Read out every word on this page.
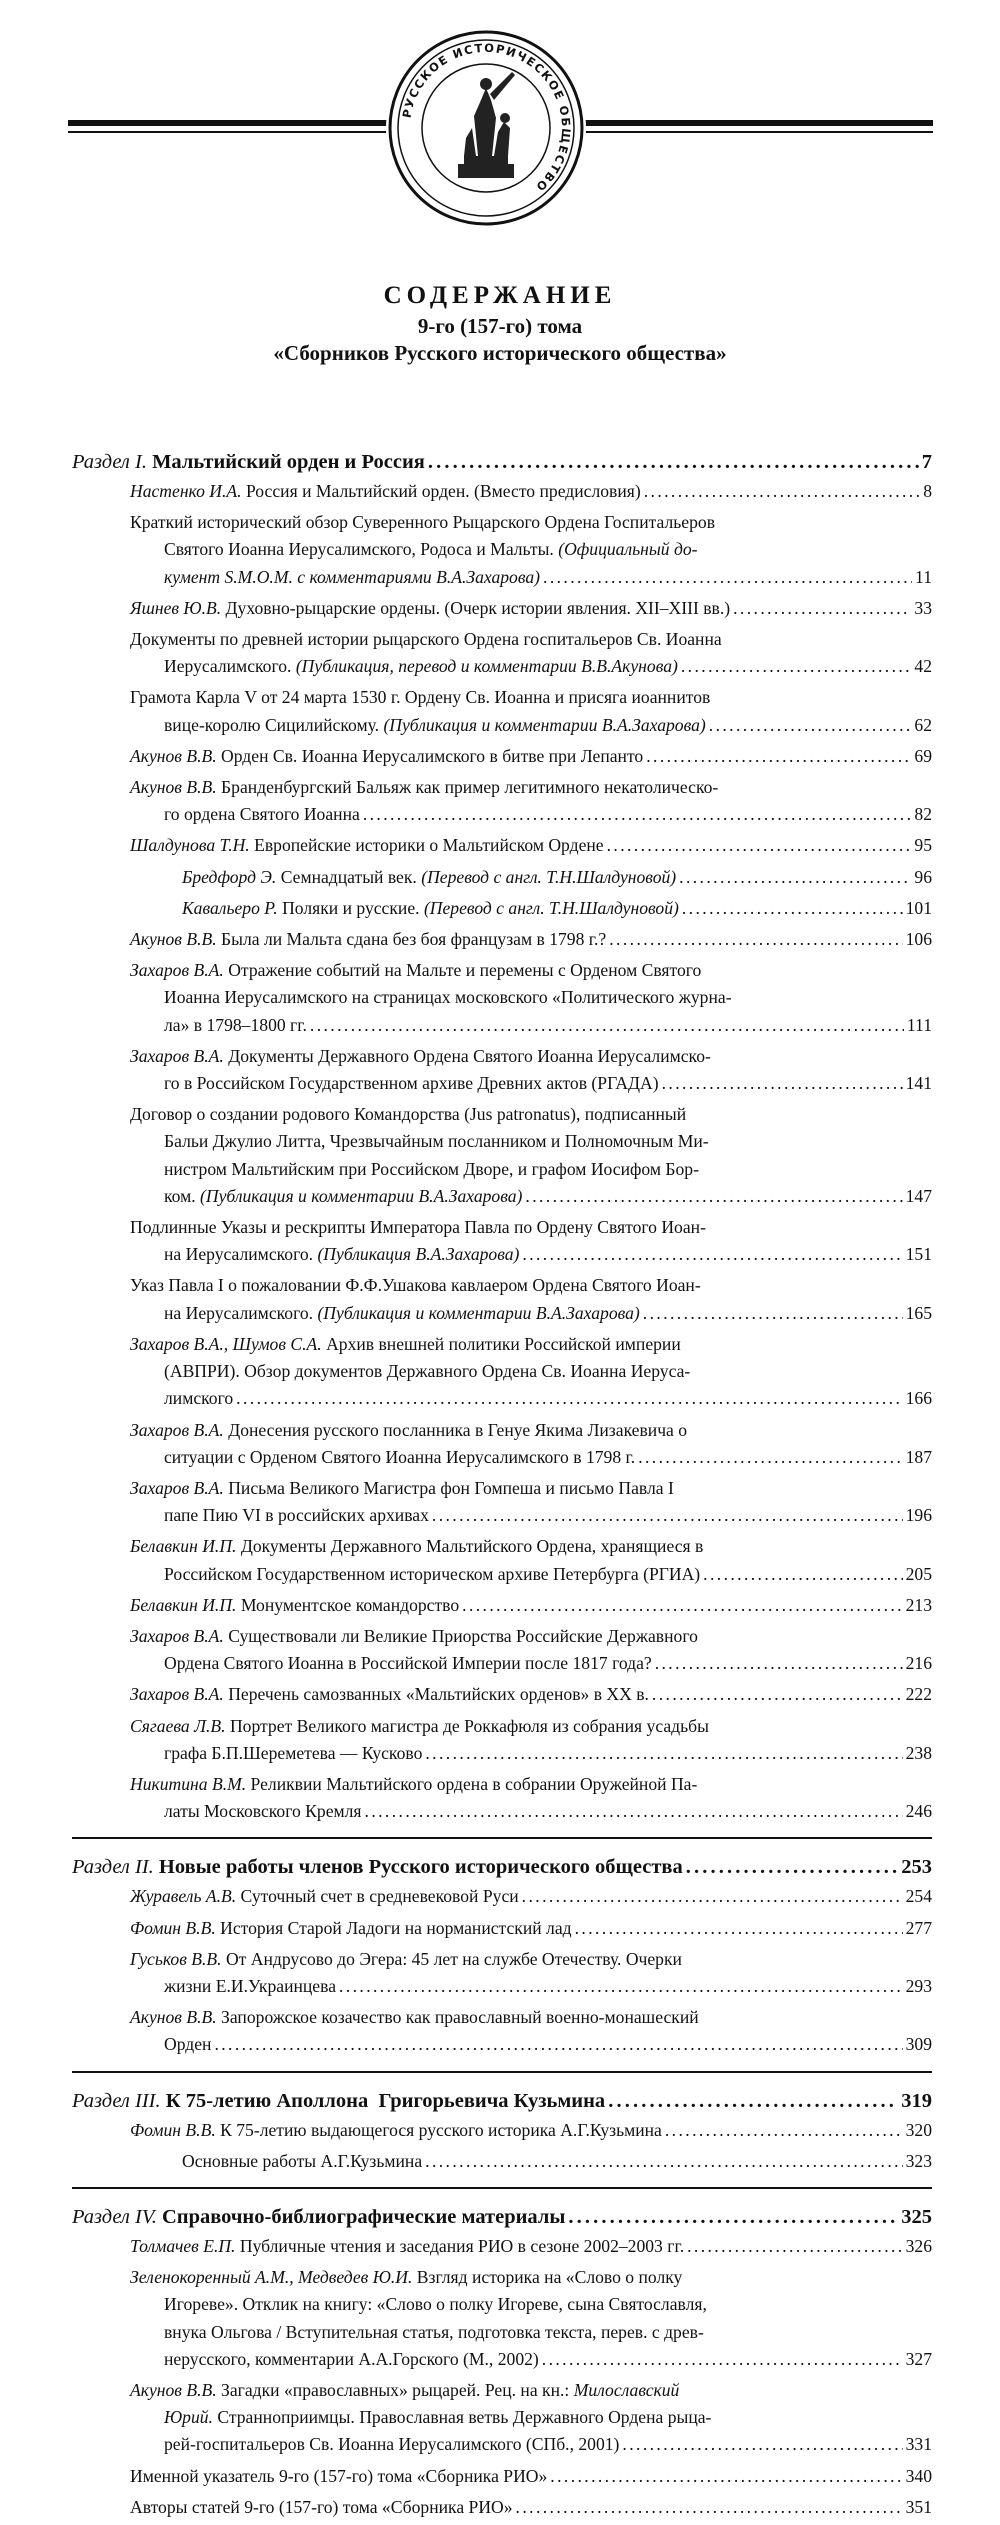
РУССКОЕ ИСТОРИЧЕСКОЕ ОБЩЕСТВО
СОДЕРЖАНИЕ
9-го (157-го) тома
«Сборников Русского исторического общества»
Раздел I. Мальтийский орден и Россия . . .	7
Настенко И.А. Россия и Мальтийский орден. (Вместо предисловия) . . .	8
Краткий исторический обзор Суверенного Рыцарского Ордена Госпитальеров
Святого Иоанна Иерусалимского, Родоса и Мальты. (Официальный до-
кумент S.M.O.M. с комментариями В.А.Захарова) . . .	11
Яшнев Ю.В. Духовно-рыцарские ордены. (Очерк истории явления. XII–XIII вв.) . . .	33
Документы по древней истории рыцарского Ордена госпитальеров Св. Иоанна
Иерусалимского. (Публикация, перевод и комментарии В.В.Акунова) . . .	42
Грамота Карла V от 24 марта 1530 г. Ордену Св. Иоанна и присяга иоаннитов
вице-королю Сицилийскому. (Публикация и комментарии В.А.Захарова) . . .	62
Акунов В.В. Орден Св. Иоанна Иерусалимского в битве при Лепанто . . .	69
Акунов В.В. Бранденбургский Бальяж как пример легитимного некатолическо-
го ордена Святого Иоанна . . .	82
Шалдунова Т.Н. Европейские историки о Мальтийском Ордене . . .	95
Бредфорд Э. Семнадцатый век. (Перевод с англ. Т.Н.Шалдуновой) . . .	96
Кавальеро Р. Поляки и русские. (Перевод с англ. Т.Н.Шалдуновой) . . .	101
Акунов В.В. Была ли Мальта сдана без боя французам в 1798 г.? . . .	106
Захаров В.А. Отражение событий на Мальте и перемены с Орденом Святого
Иоанна Иерусалимского на страницах московского «Политического журна-
ла» в 1798–1800 гг. . . .	111
Захаров В.А. Документы Державного Ордена Святого Иоанна Иерусалимско-
го в Российском Государственном архиве Древних актов (РГАДА) . . .	141
Договор о создании родового Командорства (Jus patronatus), подписанный
Бальи Джулио Литта, Чрезвычайным посланником и Полномочным Ми-
нистром Мальтийским при Российском Дворе, и графом Иосифом Бор-
ком. (Публикация и комментарии В.А.Захарова) . . .	147
Подлинные Указы и рескрипты Императора Павла по Ордену Святого Иоан-
на Иерусалимского. (Публикация В.А.Захарова) . . .	151
Указ Павла I о пожаловании Ф.Ф.Ушакова кавлаером Ордена Святого Иоан-
на Иерусалимского. (Публикация и комментарии В.А.Захарова) . . .	165
Захаров В.А., Шумов С.А. Архив внешней политики Российской империи
(АВПРИ). Обзор документов Державного Ордена Св. Иоанна Иеруса-
лимского . . .	166
Захаров В.А. Донесения русского посланника в Генуе Якима Лизакевича о
ситуации с Орденом Святого Иоанна Иерусалимского в 1798 г. . . .	187
Захаров В.А. Письма Великого Магистра фон Гомпеша и письмо Павла I
папе Пию VI в российских архивах . . .	196
Белавкин И.П. Документы Державного Мальтийского Ордена, хранящиеся в
Российском Государственном историческом архиве Петербурга (РГИА) . . .	205
Белавкин И.П. Монументское командорство . . .	213
Захаров В.А. Существовали ли Великие Приорства Российские Державного
Ордена Святого Иоанна в Российской Империи после 1817 года? . . .	216
Захаров В.А. Перечень самозванных «Мальтийских орденов» в XX в. . . .	222
Сягаева Л.В. Портрет Великого магистра де Роккафюля из собрания усадьбы
графа Б.П.Шереметева — Кусково . . .	238
Никитина В.М. Реликвии Мальтийского ордена в собрании Оружейной Па-
латы Московского Кремля . . .	246
Раздел II. Новые работы членов Русского исторического общества . . .	253
Журавель А.В. Суточный счет в средневековой Руси . . .	254
Фомин В.В. История Старой Ладоги на норманистский лад . . .	277
Гуськов В.В. От Андрусово до Эгера: 45 лет на службе Отечеству. Очерки
жизни Е.И.Украинцева . . .	293
Акунов В.В. Запорожское козачество как православный военно-монашеский
Орден . . .	309
Раздел III. К 75-летию Аполлона  Григорьевича Кузьмина . . .	319
Фомин В.В. К 75-летию выдающегося русского историка А.Г.Кузьмина . . .	320
Основные работы А.Г.Кузьмина . . .	323
Раздел IV. Справочно-библиографические материалы . . .	325
Толмачев Е.П. Публичные чтения и заседания РИО в сезоне 2002–2003 гг. . . .	326
Зеленокоренный А.М., Медведев Ю.И. Взгляд историка на «Слово о полку
Игореве». Отклик на книгу: «Слово о полку Игореве, сына Святославля,
внука Ольгова / Вступительная статья, подготовка текста, перев. с древ-
нерусского, комментарии А.А.Горского (М., 2002) . . .	327
Акунов В.В. Загадки «православных» рыцарей. Рец. на кн.: Милославский
Юрий. Странноприимцы. Православная ветвь Державного Ордена рыца-
рей-госпитальеров Св. Иоанна Иерусалимского (СПб., 2001) . . .	331
Именной указатель 9-го (157-го) тома «Сборника РИО» . . .	340
Авторы статей 9-го (157-го) тома «Сборника РИО» . . .	351
